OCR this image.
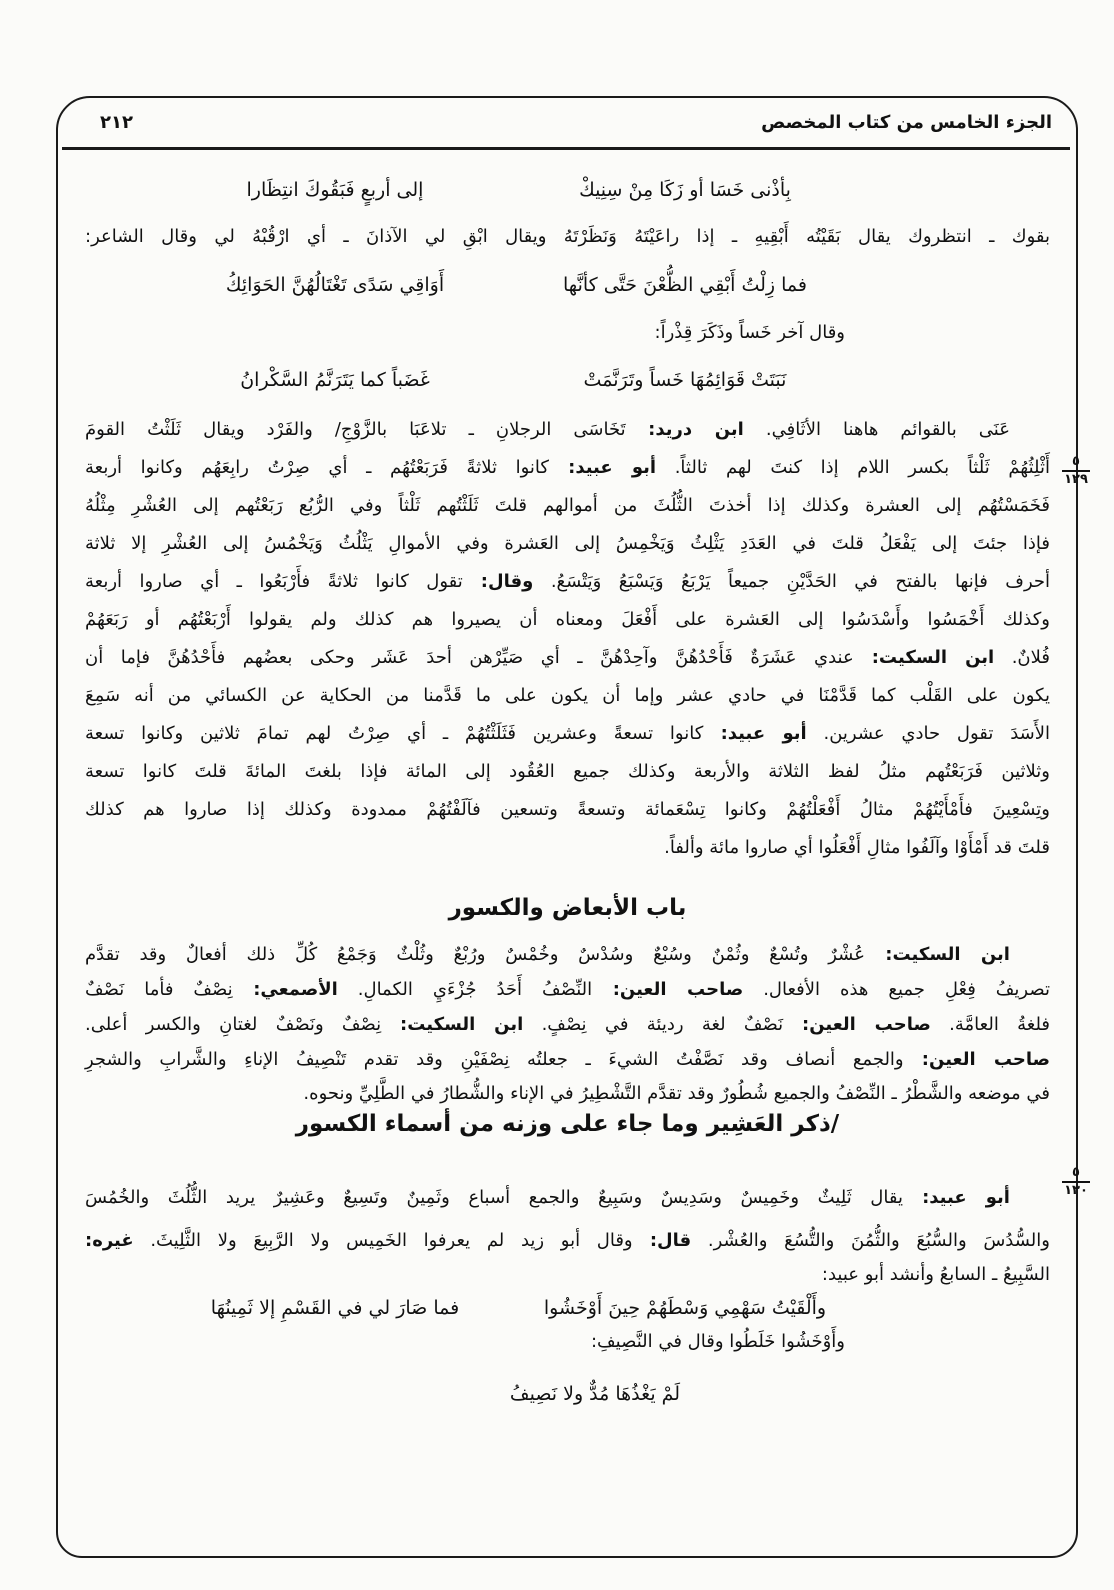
الجزء الخامس من كتاب المخصص
٢١٢
٥
١٢٩
٥
١٣٠
بِأذْنى خَسَا أو زَكَا مِنْ سِنِيكْ
إلى أربعٍ فَبَقُوكَ انتِظَارا
بقوك ـ انتظروك يقال بَقَيْتُه أَبْقِيهِ ـ إذا راعَيْتَهُ وَنَظَرْتَهُ ويقال ابْقِ لي الآذانَ ـ أي ارْقُبْهُ لي وقال الشاعر:
فما زِلْتُ أَبْقِي الظُّعْنَ حَتَّى كأنَّها
أَوَاقِي سَدًى تَغْتَالُهُنَّ الحَوَائِكُ
وقال آخر خَساً وذَكَرَ قِذْراً:
نَبَتَتْ قَوَائِمُهَا خَساً وتَرَنَّمَتْ
غَضَباً كما يَتَرَنَّمُ السَّكْرانُ
عَنَى بالقوائم هاهنا الأثَافِي. ابن دريد: تَخَاسَى الرجلانِ ـ تلاعَبَا بالزَّوْجِ/ والفَرْد ويقال ثَلَثْتُ القومَ
أَثْلِثُهُمْ ثَلْثاً بكسر اللام إذا كنتَ لهم ثالثاً. أبو عبيد: كانوا ثلاثةً فَرَبَعْتُهُم ـ أي صِرْتُ رابِعَهُم وكانوا أربعة
فَخَمَسْتُهُم إلى العشرة وكذلك إذا أخذتَ الثُّلُثَ من أموالهم قلتَ ثَلَثْتُهم ثَلْثاً وفي الرُّبُع رَبَعْتُهم إلى العُشْرِ مِثْلُهُ
فإذا جئتَ إلى يَفْعَلُ قلتَ في العَدَدِ يَثْلِثُ وَيَخْمِسُ إلى العَشرة وفي الأموالِ يَثْلُثُ وَيَخْمُسُ إلى العُشْرِ إلا ثلاثة
أحرف فإنها بالفتح في الحَدَّيْنِ جميعاً يَرْبَعُ وَيَسْبَعُ وَيَتْسَعُ. وقال: تقول كانوا ثلاثةً فأَرْبَعُوا ـ أي صاروا أربعة
وكذلك أَخْمَسُوا وأَسْدَسُوا إلى العَشرة على أَفْعَلَ ومعناه أن يصيروا هم كذلك ولم يقولوا أَرْبَعْتُهُم أو رَبَعَهُمْ
فُلانٌ. ابن السكيت: عندي عَشَرَةٌ فَأَحْدُهُنَّ وآحِدْهُنَّ ـ أي صَيِّرْهن أحدَ عَشَر وحكى بعضُهم فأَحْدُهُنَّ فإما أن
يكون على القَلْب كما قَدَّمْنَا في حادي عشر وإما أن يكون على ما قَدَّمنا من الحكاية عن الكسائي من أنه سَمِعَ
الأَسَدَ تقول حادي عشرين. أبو عبيد: كانوا تسعةً وعشرين فَثَلَثْتُهُمْ ـ أي صِرْتُ لهم تمامَ ثلاثين وكانوا تسعة
وثلاثين فَرَبَعْتُهم مثلُ لفظ الثلاثة والأربعة وكذلك جميع العُقُود إلى المائة فإذا بلغتَ المائةَ قلتَ كانوا تسعة
وتِسْعِينَ فأَمْأَيْتُهُمْ مثالُ أَفْعَلْتُهُمْ وكانوا تِسْعَمائة وتسعةً وتسعين فآلَفْتُهُمْ ممدودة وكذلك إذا صاروا هم كذلك
قلتَ قد أَمْأَوْا وآلَفُوا مثالِ أَفْعَلُوا أي صاروا مائة وألفاً.
باب الأبعاض والكسور
ابن السكيت: عُشْرٌ وتُسْعٌ وثُمْنٌ وسُبْعٌ وسُدْسٌ وخُمْسٌ ورُبْعٌ وثُلْثٌ وَجَمْعُ كُلِّ ذلك أفعالٌ وقد تقدَّم
تصريفُ فِعْلِ جميع هذه الأفعال. صاحب العين: النِّصْفُ أَحَدُ جُزْءَيِ الكمالِ. الأصمعي: نِصْفٌ فأما نَصْفٌ
فلغةُ العامَّة. صاحب العين: نَصْفٌ لغة رديئة في نِصْفٍ. ابن السكيت: نِصْفٌ ونَصْفٌ لغتانِ والكسر أعلى.
صاحب العين: والجمع أنصاف وقد نَصَّفْتُ الشيءَ ـ جعلتُه نِصْفَيْنِ وقد تقدم تَنْصِيفُ الإناءِ والشَّرابِ والشجرِ
في موضعه والشَّطْرُ ـ النِّصْفُ والجميع شُطُورٌ وقد تقدَّم التَّشْطِيرُ في الإناء والشُّطارُ في الطَّلِيِّ ونحوه.
/ذكر العَشِير وما جاء على وزنه من أسماء الكسور
أبو عبيد: يقال ثَلِيثٌ وخَمِيسٌ وسَدِيسٌ وسَبِيعٌ والجمع أسباع وثَمِينٌ وتَسِيعٌ وعَشِيرٌ يريد الثُّلُثَ والخُمُسَ
والسُّدُسَ والسُّبُعَ والثُّمُنَ والتُّسُعَ والعُشْر. قال: وقال أبو زيد لم يعرفوا الخَمِيس ولا الرَّبِيعَ ولا الثَّلِيثَ. غيره:
السَّبِيعُ ـ السابعُ وأنشد أبو عبيد:
وأَلْقَيْتُ سَهْمِي وَسْطَهُمْ حِينَ أَوْخَشُوا
فما صَارَ لي في القَسْمِ إلا ثَمِينُهَا
وأَوْخَشُوا خَلَطُوا وقال في النَّصِيفِ:
لَمْ يَغْذُهَا مُدٌّ ولا نَصِيفُ
